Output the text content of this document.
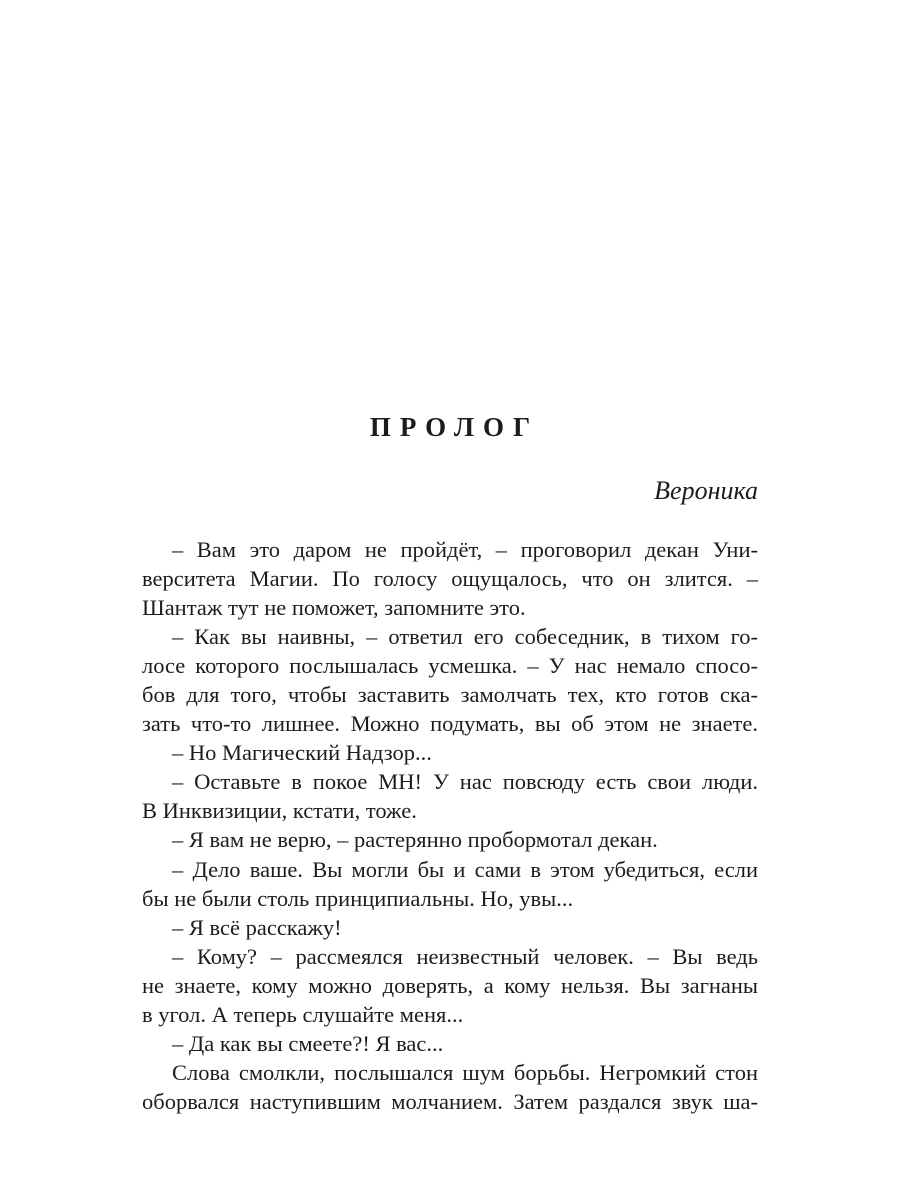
ПРОЛОГ
Вероника
– Вам это даром не пройдёт, – проговорил декан Уни-
верситета Магии. По голосу ощущалось, что он злится. –
Шантаж тут не поможет, запомните это.
– Как вы наивны, – ответил его собеседник, в тихом го-
лосе которого послышалась усмешка. – У нас немало спосо-
бов для того, чтобы заставить замолчать тех, кто готов ска-
зать что-то лишнее. Можно подумать, вы об этом не знаете.
– Но Магический Надзор...
– Оставьте в покое МН! У нас повсюду есть свои люди.
В Инквизиции, кстати, тоже.
– Я вам не верю, – растерянно пробормотал декан.
– Дело ваше. Вы могли бы и сами в этом убедиться, если
бы не были столь принципиальны. Но, увы...
– Я всё расскажу!
– Кому? – рассмеялся неизвестный человек. – Вы ведь
не знаете, кому можно доверять, а кому нельзя. Вы загнаны
в угол. А теперь слушайте меня...
– Да как вы смеете?! Я вас...
Слова смолкли, послышался шум борьбы. Негромкий стон
оборвался наступившим молчанием. Затем раздался звук ша-
